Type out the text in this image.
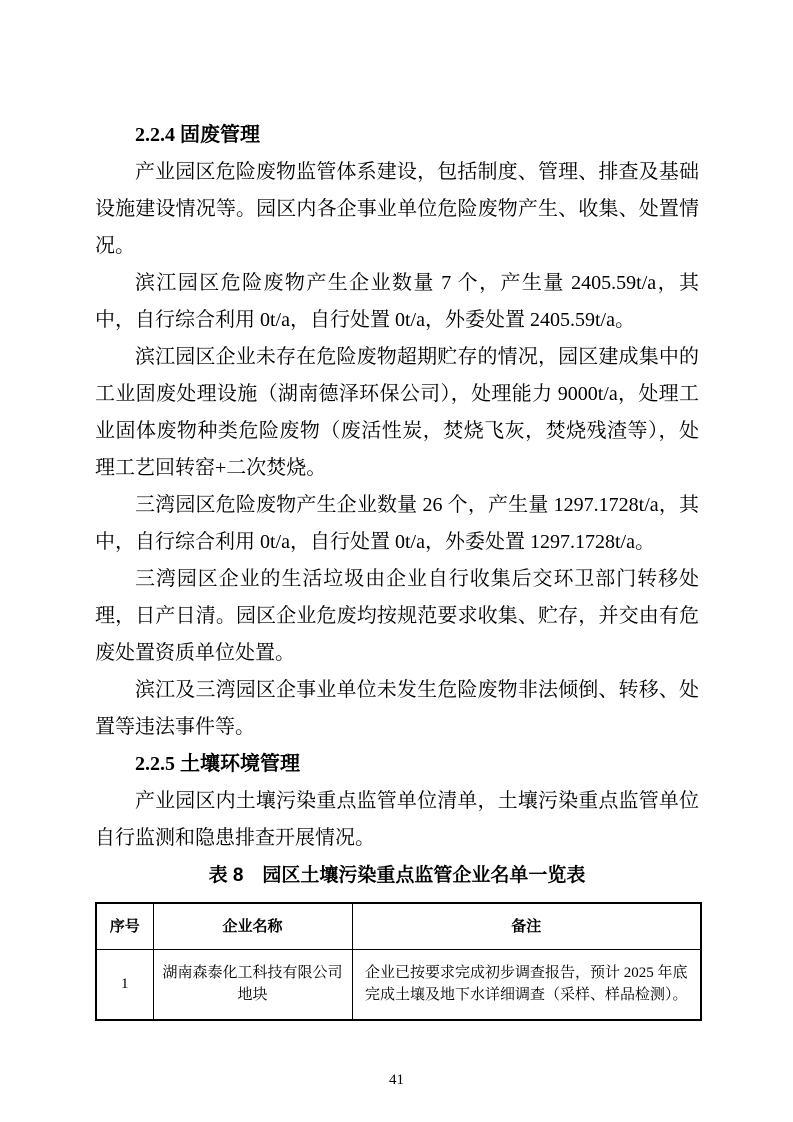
2.2.4 固废管理

产业园区危险废物监管体系建设，包括制度、管理、排查及基础设施建设情况等。园区内各企事业单位危险废物产生、收集、处置情况。

滨江园区危险废物产生企业数量 7 个，产生量 2405.59t/a，其中，自行综合利用 0t/a，自行处置 0t/a，外委处置 2405.59t/a。

滨江园区企业未存在危险废物超期贮存的情况，园区建成集中的工业固废处理设施（湖南德泽环保公司），处理能力 9000t/a，处理工业固体废物种类危险废物（废活性炭，焚烧飞灰，焚烧残渣等），处理工艺回转窑+二次焚烧。

三湾园区危险废物产生企业数量 26 个，产生量 1297.1728t/a，其中，自行综合利用 0t/a，自行处置 0t/a，外委处置 1297.1728t/a。

三湾园区企业的生活垃圾由企业自行收集后交环卫部门转移处理，日产日清。园区企业危废均按规范要求收集、贮存，并交由有危废处置资质单位处置。

滨江及三湾园区企事业单位未发生危险废物非法倾倒、转移、处置等违法事件等。

2.2.5 土壤环境管理

产业园区内土壤污染重点监管单位清单，土壤污染重点监管单位自行监测和隐患排查开展情况。

表 8　园区土壤污染重点监管企业名单一览表
序号	企业名称	备注
1	湖南森泰化工科技有限公司地块	企业已按要求完成初步调查报告，预计 2025 年底完成土壤及地下水详细调查（采样、样品检测）。
41
